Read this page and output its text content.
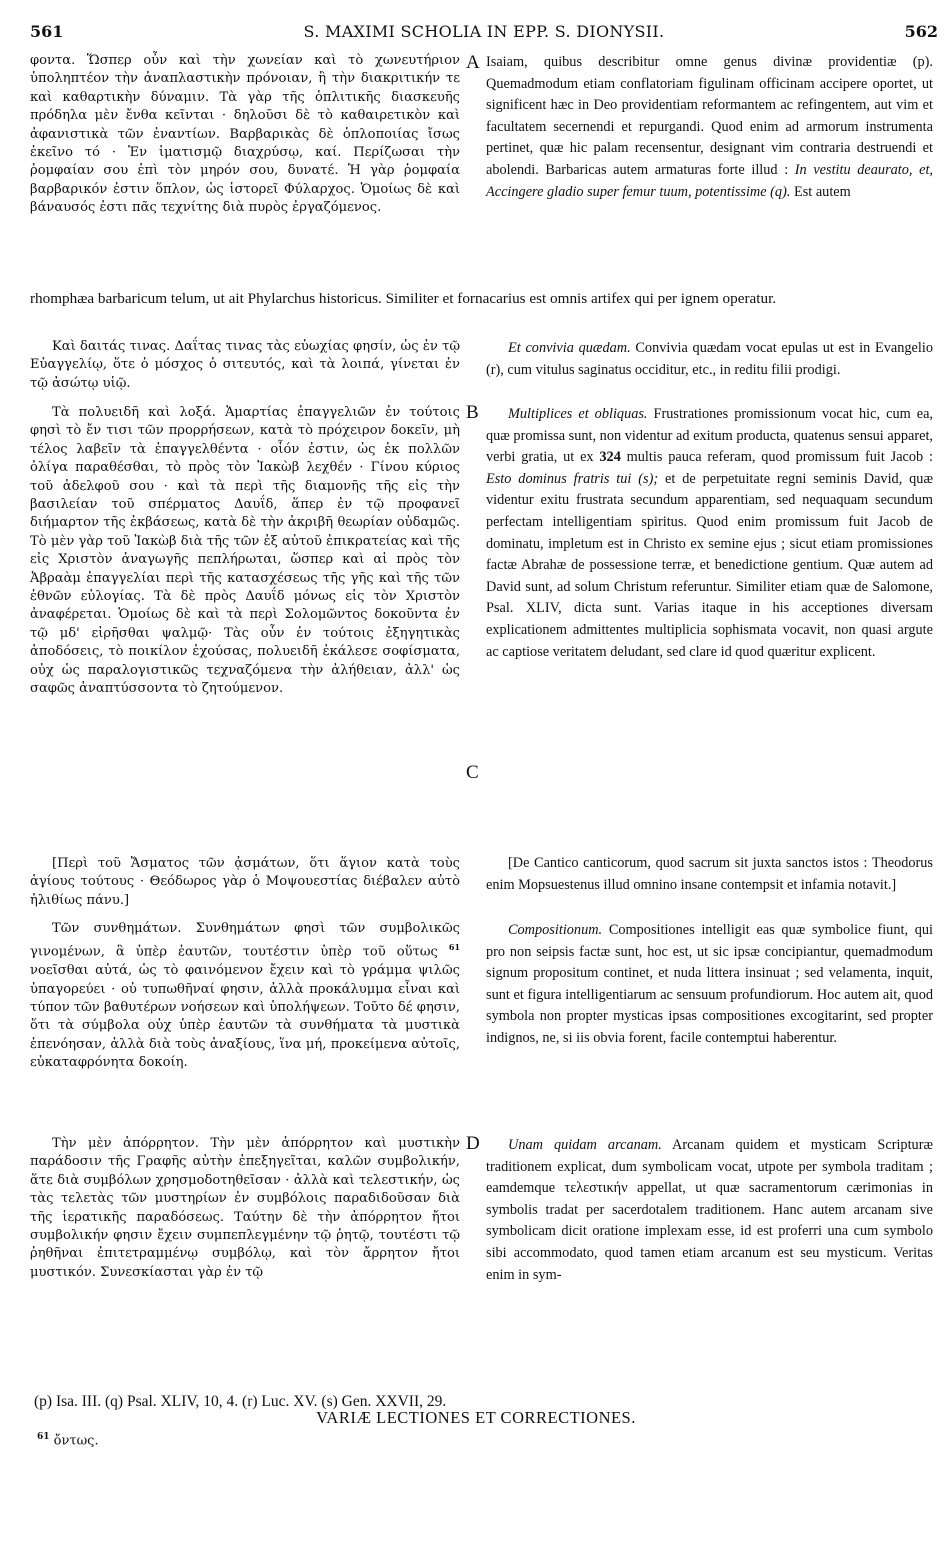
561	S. MAXIMI SCHOLIA IN EPP. S. DIONYSII.	562
A
B
C
D

φοντα. Ὥσπερ οὖν καὶ τὴν χωνείαν καὶ τὸ χωνευτήριον ὑποληπτέον τὴν ἀναπλαστικὴν πρόνοιαν, ἢ τὴν διακριτικήν τε καὶ καθαρτικὴν δύναμιν. Τὰ γὰρ τῆς ὁπλιτικῆς διασκευῆς πρόδηλα μὲν ἔνθα κεῖνται · δηλοῦσι δὲ τὸ καθαιρετικὸν καὶ ἀφανιστικὰ τῶν ἐναντίων. Βαρβαρικὰς δὲ ὁπλοποιίας ἴσως ἐκεῖνο τό · Ἐν ἱματισμῷ διαχρύσῳ, καί. Περίζωσαι τὴν ῥομφαίαν σου ἐπὶ τὸν μηρόν σου, δυνατέ. Ἡ γὰρ ῥομφαία βαρβαρικόν ἐστιν ὅπλον, ὡς ἱστορεῖ Φύλαρχος. Ὁμοίως δὲ καὶ βάναυσός ἐστι πᾶς τεχνίτης διὰ πυρὸς ἐργαζόμενος.

Isaiam, quibus describitur omne genus divinæ providentiæ (p). Quemadmodum etiam conflatoriam figulinam officinam accipere oportet, ut significent hæc in Deo providentiam reformantem ac refingentem, aut vim et facultatem secernendi et repurgandi. Quod enim ad armorum instrumenta pertinet, quæ hic palam recensentur, designant vim contraria destruendi et abolendi. Barbaricas autem armaturas forte illud : In vestitu deaurato, et, Accingere gladio super femur tuum, potentissime (q). Est autem

rhomphæa barbaricum telum, ut ait Phylarchus historicus. Similiter et fornacarius est omnis artifex qui per ignem operatur.

Καὶ δαιτάς τινας. Δαΐτας τινας τὰς εὐωχίας φησίν, ὡς ἐν τῷ Εὐαγγελίῳ, ὅτε ὁ μόσχος ὁ σιτευτός, καὶ τὰ λοιπά, γίνεται ἐν τῷ ἀσώτῳ υἱῷ.

Et convivia quædam. Convivia quædam vocat epulas ut est in Evangelio (r), cum vitulus saginatus occiditur, etc., in reditu filii prodigi.

Τὰ πολυειδῆ καὶ λοξά. Ἁμαρτίας ἐπαγγελιῶν ἐν τούτοις φησὶ τὸ ἔν τισι τῶν προρρήσεων, κατὰ τὸ πρόχειρον δοκεῖν, μὴ τέλος λαβεῖν τὰ ἐπαγγελθέντα · οἷόν ἐστιν, ὡς ἐκ πολλῶν ὀλίγα παραθέσθαι, τὸ πρὸς τὸν Ἰακὼβ λεχθέν · Γίνου κύριος τοῦ ἀδελφοῦ σου · καὶ τὰ περὶ τῆς διαμονῆς τῆς εἰς τὴν βασιλείαν τοῦ σπέρματος Δαυΐδ, ἅπερ ἐν τῷ προφανεῖ διήμαρτον τῆς ἐκβάσεως, κατὰ δὲ τὴν ἀκριβῆ θεωρίαν οὐδαμῶς. Τὸ μὲν γὰρ τοῦ Ἰακὼβ διὰ τῆς τῶν ἐξ αὐτοῦ ἐπικρατείας καὶ τῆς εἰς Χριστὸν ἀναγωγῆς πεπλήρωται, ὥσπερ καὶ αἱ πρὸς τὸν Ἀβραὰμ ἐπαγγελίαι περὶ τῆς κατασχέσεως τῆς γῆς καὶ τῆς τῶν ἐθνῶν εὐλογίας. Τὰ δὲ πρὸς Δαυΐδ μόνως εἰς τὸν Χριστὸν ἀναφέρεται. Ὁμοίως δὲ καὶ τὰ περὶ Σολομῶντος δοκοῦντα ἐν τῷ μδ' εἰρῆσθαι ψαλμῷ· Τὰς οὖν ἐν τούτοις ἐξηγητικὰς ἀποδόσεις, τὸ ποικίλον ἐχούσας, πολυειδῆ ἐκάλεσε σοφίσματα, οὐχ ὡς παραλογιστικῶς τεχναζόμενα τὴν ἀλήθειαν, ἀλλ' ὡς σαφῶς ἀναπτύσσοντα τὸ ζητούμενον.

Multiplices et obliquas. Frustrationes promissionum vocat hic, cum ea, quæ promissa sunt, non videntur ad exitum producta, quatenus sensui apparet, verbi gratia, ut ex 324 multis pauca referam, quod promissum fuit Jacob : Esto dominus fratris tui (s); et de perpetuitate regni seminis David, quæ videntur exitu frustrata secundum apparentiam, sed nequaquam secundum perfectam intelligentiam spiritus. Quod enim promissum fuit Jacob de dominatu, impletum est in Christo ex semine ejus ; sicut etiam promissiones factæ Abrahæ de possessione terræ, et benedictione gentium. Quæ autem ad David sunt, ad solum Christum referuntur. Similiter etiam quæ de Salomone, Psal. XLIV, dicta sunt. Varias itaque in his acceptiones diversam explicationem admittentes multiplicia sophismata vocavit, non quasi argute ac captiose veritatem deludant, sed clare id quod quæritur explicent.

[Περὶ τοῦ Ἄσματος τῶν ᾀσμάτων, ὅτι ἅγιον κατὰ τοὺς ἁγίους τούτους · Θεόδωρος γὰρ ὁ Μοψουεστίας διέβαλεν αὐτὸ ἠλιθίως πάνυ.]

[De Cantico canticorum, quod sacrum sit juxta sanctos istos : Theodorus enim Mopsuestenus illud omnino insane contempsit et infamia notavit.]

Τῶν συνθημάτων. Συνθημάτων φησὶ τῶν συμβολικῶς γινομένων, ἃ ὑπὲρ ἑαυτῶν, τουτέστιν ὑπὲρ τοῦ οὕτως $^{61}$ νοεῖσθαι αὐτά, ὡς τὸ φαινόμενον ἔχειν καὶ τὸ γράμμα ψιλῶς ὑπαγορεύει · οὐ τυπωθῆναί φησιν, ἀλλὰ προκάλυμμα εἶναι καὶ τύπον τῶν βαθυτέρων νοήσεων καὶ ὑπολήψεων. Τοῦτο δέ φησιν, ὅτι τὰ σύμβολα οὐχ ὑπὲρ ἑαυτῶν τὰ συνθήματα τὰ μυστικὰ ἐπενόησαν, ἀλλὰ διὰ τοὺς ἀναξίους, ἵνα μή, προκείμενα αὐτοῖς, εὐκαταφρόνητα δοκοίη.

Compositionum. Compositiones intelligit eas quæ symbolice fiunt, qui pro non seipsis factæ sunt, hoc est, ut sic ipsæ concipiantur, quemadmodum signum propositum continet, et nuda littera insinuat ; sed velamenta, inquit, sunt et figura intelligentiarum ac sensuum profundiorum. Hoc autem ait, quod symbola non propter mysticas ipsas compositiones excogitarint, sed propter indignos, ne, si iis obvia forent, facile contemptui haberentur.

Τὴν μὲν ἀπόρρητον. Τὴν μὲν ἀπόρρητον καὶ μυστικὴν παράδοσιν τῆς Γραφῆς αὐτὴν ἐπεξηγεῖται, καλῶν συμβολικήν, ἅτε διὰ συμβόλων χρησμοδοτηθεῖσαν · ἀλλὰ καὶ τελεστικήν, ὡς τὰς τελετὰς τῶν μυστηρίων ἐν συμβόλοις παραδιδοῦσαν διὰ τῆς ἱερατικῆς παραδόσεως. Ταύτην δὲ τὴν ἀπόρρητον ἤτοι συμβολικήν φησιν ἔχειν συμπεπλεγμένην τῷ ῥητῷ, τουτέστι τῷ ῥηθῆναι ἐπιτετραμμένῳ συμβόλῳ, καὶ τὸν ἄρρητον ἤτοι μυστικόν. Συνεσκίασται γὰρ ἐν τῷ

Unam quidam arcanam. Arcanam quidem et mysticam Scripturæ traditionem explicat, dum symbolicam vocat, utpote per symbola traditam ; eamdemque τελεστικήν appellat, ut quæ sacramentorum cærimonias in symbolis tradat per sacerdotalem traditionem. Hanc autem arcanam sive symbolicam dicit oratione implexam esse, id est proferri una cum symbolo sibi accommodato, quod tamen etiam arcanum est seu mysticum. Veritas enim in sym-

(p) Isa. III. (q) Psal. XLIV, 10, 4. (r) Luc. XV. (s) Gen. XXVII, 29.
VARIÆ LECTIONES ET CORRECTIONES.
$^{61}$ ὄντως.
